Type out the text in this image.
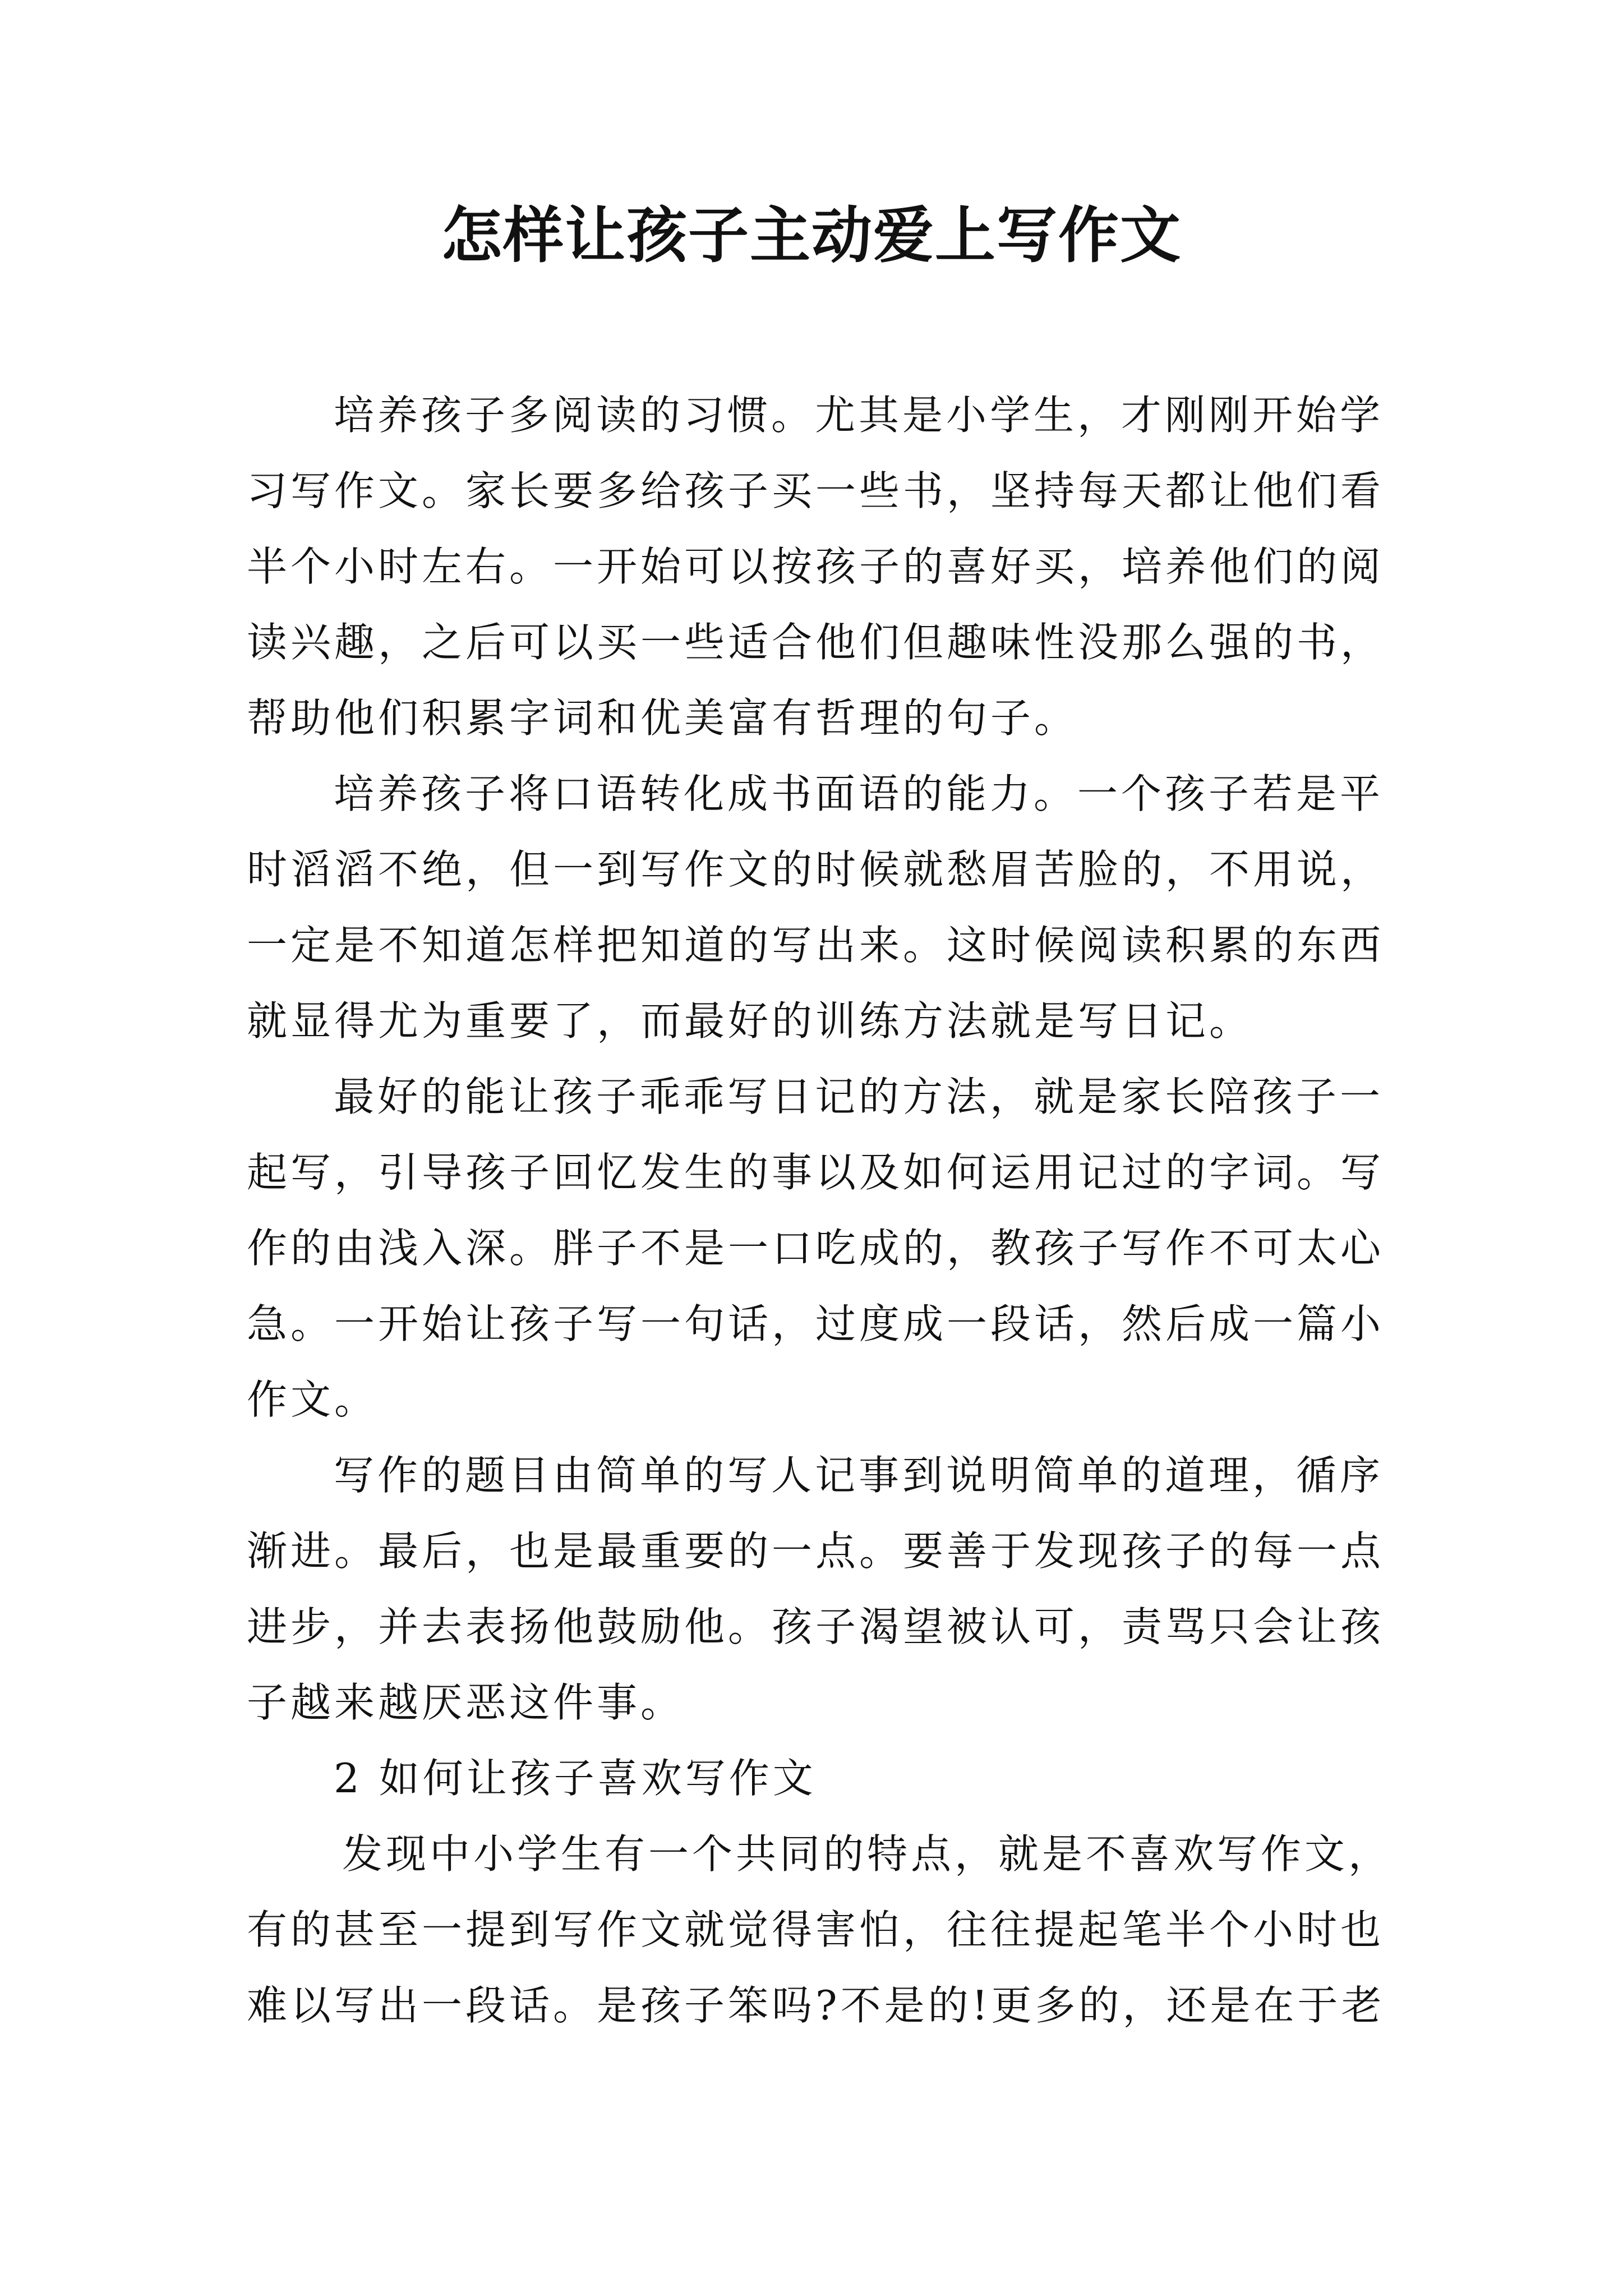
怎样让孩子主动爱上写作文

培养孩子多阅读的习惯。尤其是小学生，才刚刚开始学

习写作文。家长要多给孩子买一些书，坚持每天都让他们看

半个小时左右。一开始可以按孩子的喜好买，培养他们的阅

读兴趣，之后可以买一些适合他们但趣味性没那么强的书，

帮助他们积累字词和优美富有哲理的句子。

培养孩子将口语转化成书面语的能力。一个孩子若是平

时滔滔不绝，但一到写作文的时候就愁眉苦脸的，不用说，

一定是不知道怎样把知道的写出来。这时候阅读积累的东西

就显得尤为重要了，而最好的训练方法就是写日记。

最好的能让孩子乖乖写日记的方法，就是家长陪孩子一

起写，引导孩子回忆发生的事以及如何运用记过的字词。写

作的由浅入深。胖子不是一口吃成的，教孩子写作不可太心

急。一开始让孩子写一句话，过度成一段话，然后成一篇小

作文。

写作的题目由简单的写人记事到说明简单的道理，循序

渐进。最后，也是最重要的一点。要善于发现孩子的每一点

进步，并去表扬他鼓励他。孩子渴望被认可，责骂只会让孩

子越来越厌恶这件事。

2 如何让孩子喜欢写作文

发现中小学生有一个共同的特点，就是不喜欢写作文，

有的甚至一提到写作文就觉得害怕，往往提起笔半个小时也

难以写出一段话。是孩子笨吗?不是的!更多的，还是在于老
